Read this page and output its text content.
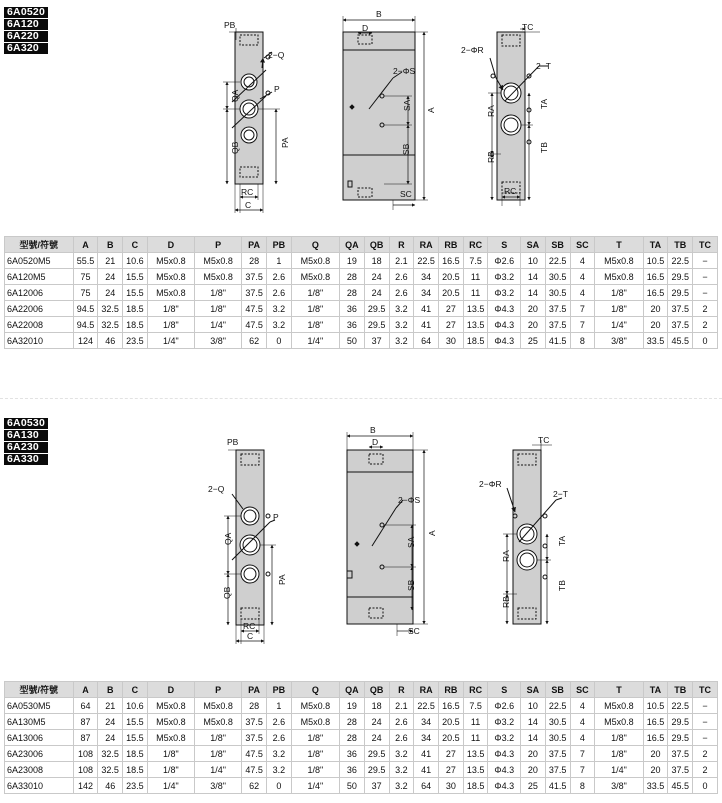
6A0520
6A120
6A220
6A320
PB
2−Q
P
QA
QB	PA
RC
C
B
D
2−ΦS
SA A
SB
SC
TC
2−ΦR
2−T
RA
TA
RB
TB
RC
型號/符號	A	B	C	D	P	PA	PB	Q	QA	QB	R	RA	RB	RC	S	SA	SB	SC	T	TA	TB	TC
6A0520M5	55.5	21	10.6	M5x0.8	M5x0.8	28	1	M5x0.8	19	18	2.1	22.5	16.5	7.5	Φ2.6	10	22.5	4	M5x0.8	10.5	22.5	−
6A120M5	75	24	15.5	M5x0.8	M5x0.8	37.5	2.6	M5x0.8	28	24	2.6	34	20.5	11	Φ3.2	14	30.5	4	M5x0.8	16.5	29.5	−
6A12006	75	24	15.5	M5x0.8	1/8"	37.5	2.6	1/8"	28	24	2.6	34	20.5	11	Φ3.2	14	30.5	4	1/8"	16.5	29.5	−
6A22006	94.5	32.5	18.5	1/8"	1/8"	47.5	3.2	1/8"	36	29.5	3.2	41	27	13.5	Φ4.3	20	37.5	7	1/8"	20	37.5	2
6A22008	94.5	32.5	18.5	1/8"	1/4"	47.5	3.2	1/8"	36	29.5	3.2	41	27	13.5	Φ4.3	20	37.5	7	1/4"	20	37.5	2
6A32010	124	46	23.5	1/4"	3/8"	62	0	1/4"	50	37	3.2	64	30	18.5	Φ4.3	25	41.5	8	3/8"	33.5	45.5	0
6A0530
6A130
6A230
6A330
PB
2−Q
P
QA
QB
PA
RC
C
B
D
2−ΦS
SA
A
SB
SC
TC
2−ΦR
2−T
RA
TA
RB
TB
型號/符號	A	B	C	D	P	PA	PB	Q	QA	QB	R	RA	RB	RC	S	SA	SB	SC	T	TA	TB	TC
6A0530M5	64	21	10.6	M5x0.8	M5x0.8	28	1	M5x0.8	19	18	2.1	22.5	16.5	7.5	Φ2.6	10	22.5	4	M5x0.8	10.5	22.5	−
6A130M5	87	24	15.5	M5x0.8	M5x0.8	37.5	2.6	M5x0.8	28	24	2.6	34	20.5	11	Φ3.2	14	30.5	4	M5x0.8	16.5	29.5	−
6A13006	87	24	15.5	M5x0.8	1/8"	37.5	2.6	1/8"	28	24	2.6	34	20.5	11	Φ3.2	14	30.5	4	1/8"	16.5	29.5	−
6A23006	108	32.5	18.5	1/8"	1/8"	47.5	3.2	1/8"	36	29.5	3.2	41	27	13.5	Φ4.3	20	37.5	7	1/8"	20	37.5	2
6A23008	108	32.5	18.5	1/8"	1/4"	47.5	3.2	1/8"	36	29.5	3.2	41	27	13.5	Φ4.3	20	37.5	7	1/4"	20	37.5	2
6A33010	142	46	23.5	1/4"	3/8"	62	0	1/4"	50	37	3.2	64	30	18.5	Φ4.3	25	41.5	8	3/8"	33.5	45.5	0
